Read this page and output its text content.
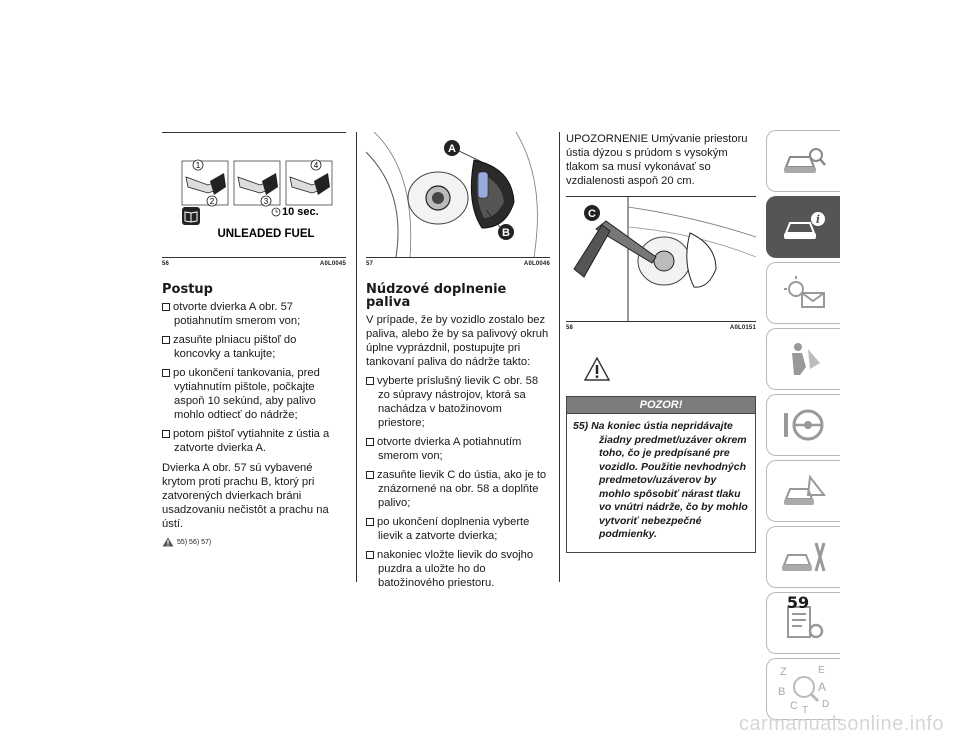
1
2	3
4
10 sec.
UNLEADED FUEL
56	A0L0045
Postup
otvorte dvierka A obr. 57 potiahnutím smerom von;
zasuňte plniacu pištoľ do koncovky a tankujte;
po ukončení tankovania, pred vytiahnutím pištole, počkajte aspoň 10 sekúnd, aby palivo mohlo odtiecť do nádrže;
potom pištoľ vytiahnite z ústia a zatvorte dvierka A.

Dvierka A obr. 57 sú vybavené krytom proti prachu B, ktorý pri zatvorených dvierkach bráni usadzovaniu nečistôt a prachu na ústí.

55) 56) 57)
A
B
57	A0L0046
Núdzové doplnenie paliva

V prípade, že by vozidlo zostalo bez paliva, alebo že by sa palivový okruh úplne vyprázdnil, postupujte pri tankovaní paliva do nádrže takto:

vyberte príslušný lievik C obr. 58 zo súpravy nástrojov, ktorá sa nachádza v batožinovom priestore;
otvorte dvierka A potiahnutím smerom von;
zasuňte lievik C do ústia, ako je to znázornené na obr. 58 a doplňte palivo;
po ukončení doplnenia vyberte lievik a zatvorte dvierka;
nakoniec vložte lievik do svojho puzdra a uložte ho do batožinového priestoru.

UPOZORNENIE Umývanie priestoru ústia dýzou s prúdom s vysokým tlakom sa musí vykonávať so vzdialenosti aspoň 20 cm.

C
58	A0L0151
POZOR!

55) Na koniec ústia nepridávajte žiadny predmet/uzáver okrem toho, čo je predpísané pre vozidlo. Použitie nevhodných predmetov/uzáverov by mohlo spôsobiť nárast tlaku vo vnútri nádrže, čo by mohlo vytvoriť nebezpečné podmienky.

i
Z	E
B	A
C T
D
59
carmanualsonline.info
